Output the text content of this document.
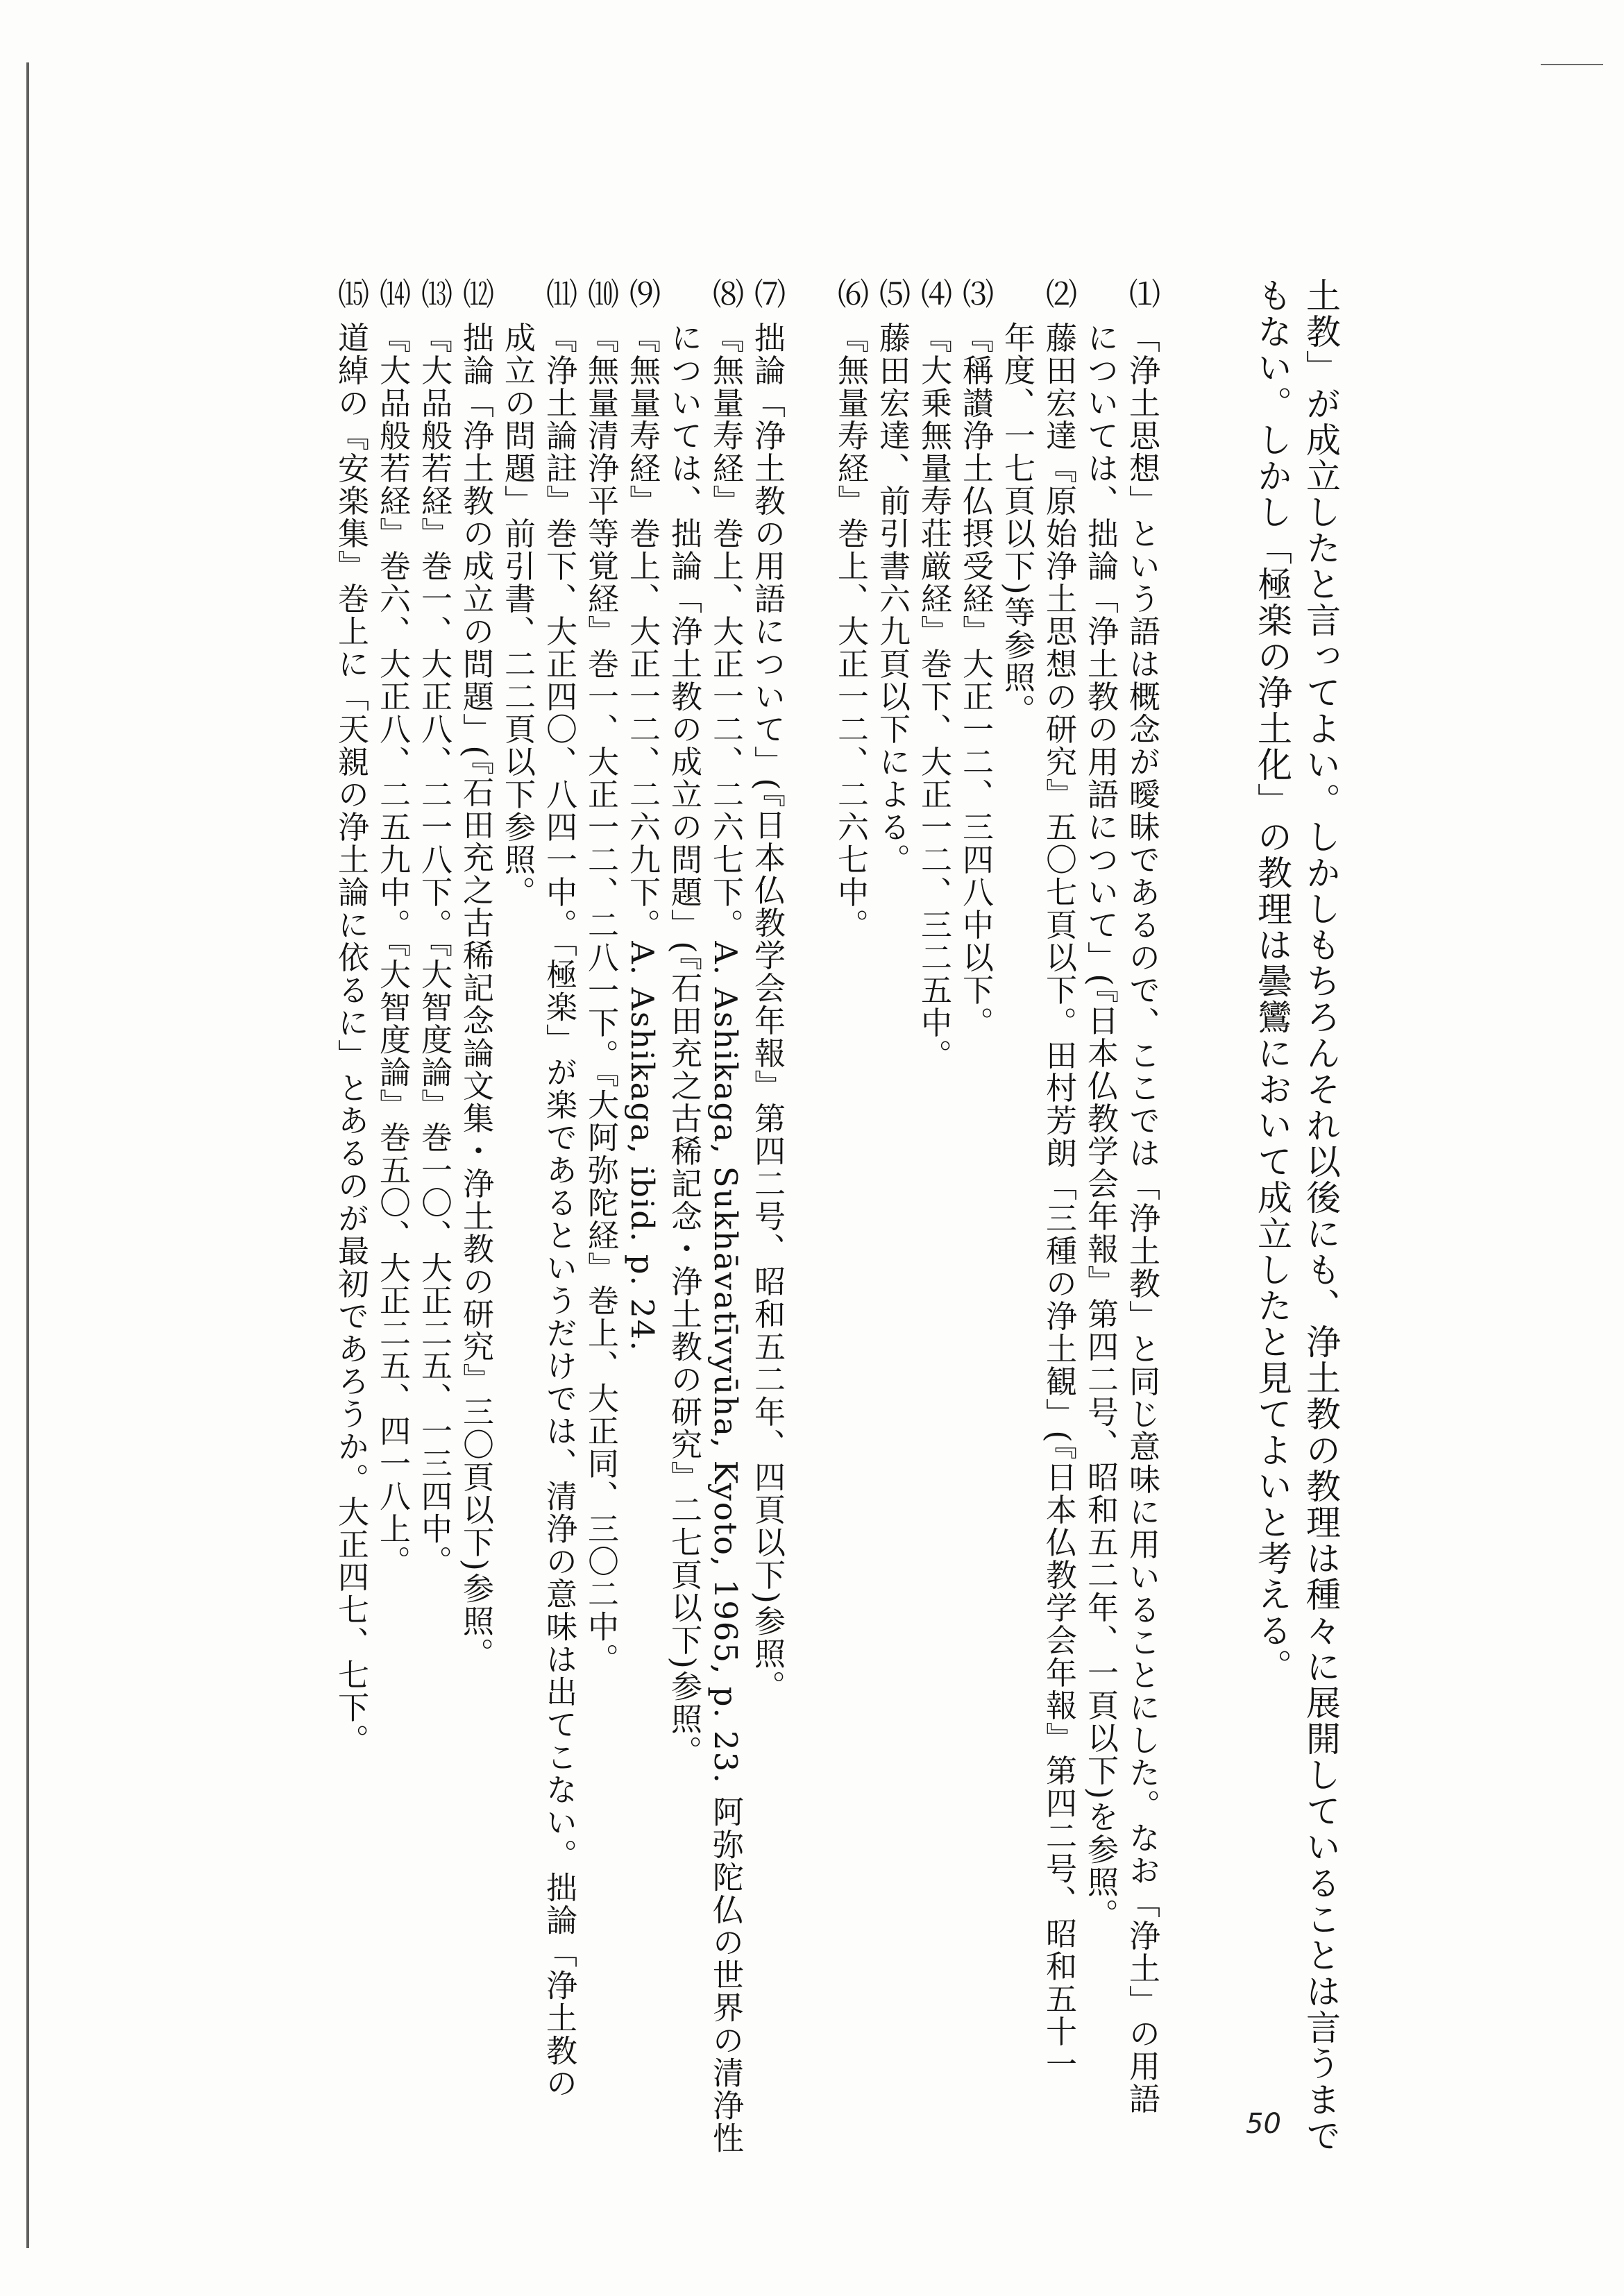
土教」が成立したと言ってよい。しかしもちろんそれ以後にも、浄土教の教理は種々に展開していることは言うまで

もない。しかし「極楽の浄土化」の教理は曇鸞において成立したと見てよいと考える。

⑴ 「浄土思想」という語は概念が曖昧であるので、ここでは「浄土教」と同じ意味に用いることにした。なお「浄土」の用語

　 については、拙論「浄土教の用語について」(『日本仏教学会年報』第四二号、昭和五二年、一頁以下)を参照。

⑵ 藤田宏達『原始浄土思想の研究』五〇七頁以下。田村芳朗「三種の浄土観」(『日本仏教学会年報』第四二号、昭和五十一

　 年度、一七頁以下)等参照。

⑶ 『稱讃浄土仏摂受経』大正一二、三四八中以下。

⑷ 『大乗無量寿荘厳経』巻下、大正一二、三二五中。

⑸ 藤田宏達、前引書六九頁以下による。

⑹ 『無量寿経』巻上、大正一二、二六七中。

⑺ 拙論「浄土教の用語について」(『日本仏教学会年報』第四二号、昭和五二年、四頁以下)参照。

⑻ 『無量寿経』巻上、大正一二、二六七下。A. Ashikaga, Sukhāvatīvyūha, Kyoto, 1965, p. 23. 阿弥陀仏の世界の清浄性

　 については、拙論「浄土教の成立の問題」(『石田充之古稀記念・浄土教の研究』二七頁以下)参照。

⑼ 『無量寿経』巻上、大正一二、二六九下。A. Ashikaga, ibid. p. 24.

⑽ 『無量清浄平等覚経』巻一、大正一二、二八一下。『大阿弥陀経』巻上、大正同、三〇二中。

⑾ 『浄土論註』巻下、大正四〇、八四一中。「極楽」が楽であるというだけでは、清浄の意味は出てこない。拙論「浄土教の

　 成立の問題」前引書、二二頁以下参照。

⑿ 拙論「浄土教の成立の問題」(『石田充之古稀記念論文集・浄土教の研究』三〇頁以下)参照。

⒀ 『大品般若経』巻一、大正八、二一八下。『大智度論』巻一〇、大正二五、一三四中。

⒁ 『大品般若経』巻六、大正八、二五九中。『大智度論』巻五〇、大正二五、四一八上。

⒂ 道綽の『安楽集』巻上に「天親の浄土論に依るに」とあるのが最初であろうか。大正四七、七下。

50
